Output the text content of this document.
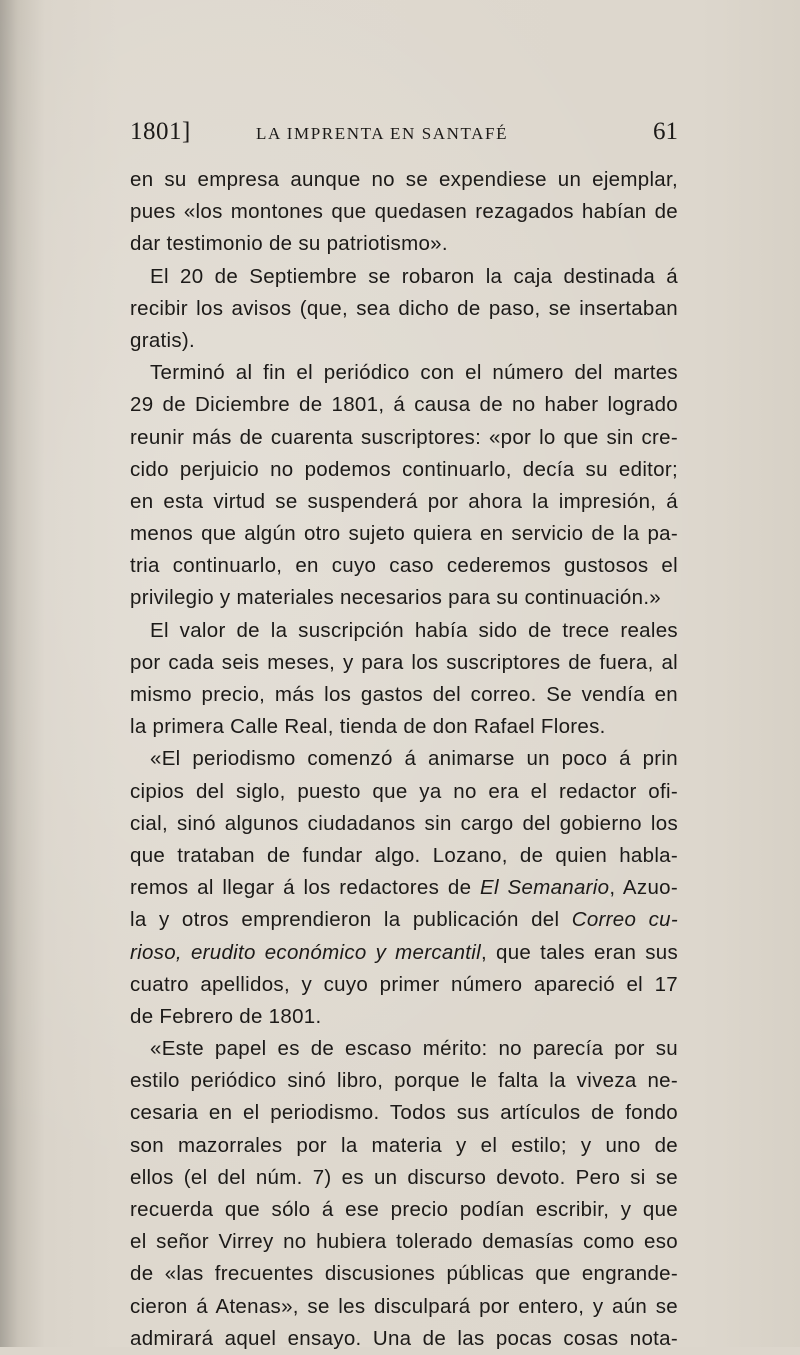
1801]	LA IMPRENTA EN SANTAFÉ	61
en su empresa aunque no se expendiese un ejemplar,
pues «los montones que quedasen rezagados habían de
dar testimonio de su patriotismo».
El 20 de Septiembre se robaron la caja destinada á
recibir los avisos (que, sea dicho de paso, se insertaban
gratis).
Terminó al fin el periódico con el número del martes
29 de Diciembre de 1801, á causa de no haber logrado
reunir más de cuarenta suscriptores: «por lo que sin cre-
cido perjuicio no podemos continuarlo, decía su editor;
en esta virtud se suspenderá por ahora la impresión, á
menos que algún otro sujeto quiera en servicio de la pa-
tria continuarlo, en cuyo caso cederemos gustosos el
privilegio y materiales necesarios para su continuación.»
El valor de la suscripción había sido de trece reales
por cada seis meses, y para los suscriptores de fuera, al
mismo precio, más los gastos del correo. Se vendía en
la primera Calle Real, tienda de don Rafael Flores.
«El periodismo comenzó á animarse un poco á prin
cipios del siglo, puesto que ya no era el redactor ofi-
cial, sinó algunos ciudadanos sin cargo del gobierno los
que trataban de fundar algo. Lozano, de quien habla-
remos al llegar á los redactores de El Semanario, Azuo-
la y otros emprendieron la publicación del Correo cu-
rioso, erudito económico y mercantil, que tales eran sus
cuatro apellidos, y cuyo primer número apareció el 17
de Febrero de 1801.
«Este papel es de escaso mérito: no parecía por su
estilo periódico sinó libro, porque le falta la viveza ne-
cesaria en el periodismo. Todos sus artículos de fondo
son mazorrales por la materia y el estilo; y uno de
ellos (el del núm. 7) es un discurso devoto. Pero si se
recuerda que sólo á ese precio podían escribir, y que
el señor Virrey no hubiera tolerado demasías como eso
de «las frecuentes discusiones públicas que engrande-
cieron á Atenas», se les disculpará por entero, y aún se
admirará aquel ensayo. Una de las pocas cosas nota-
